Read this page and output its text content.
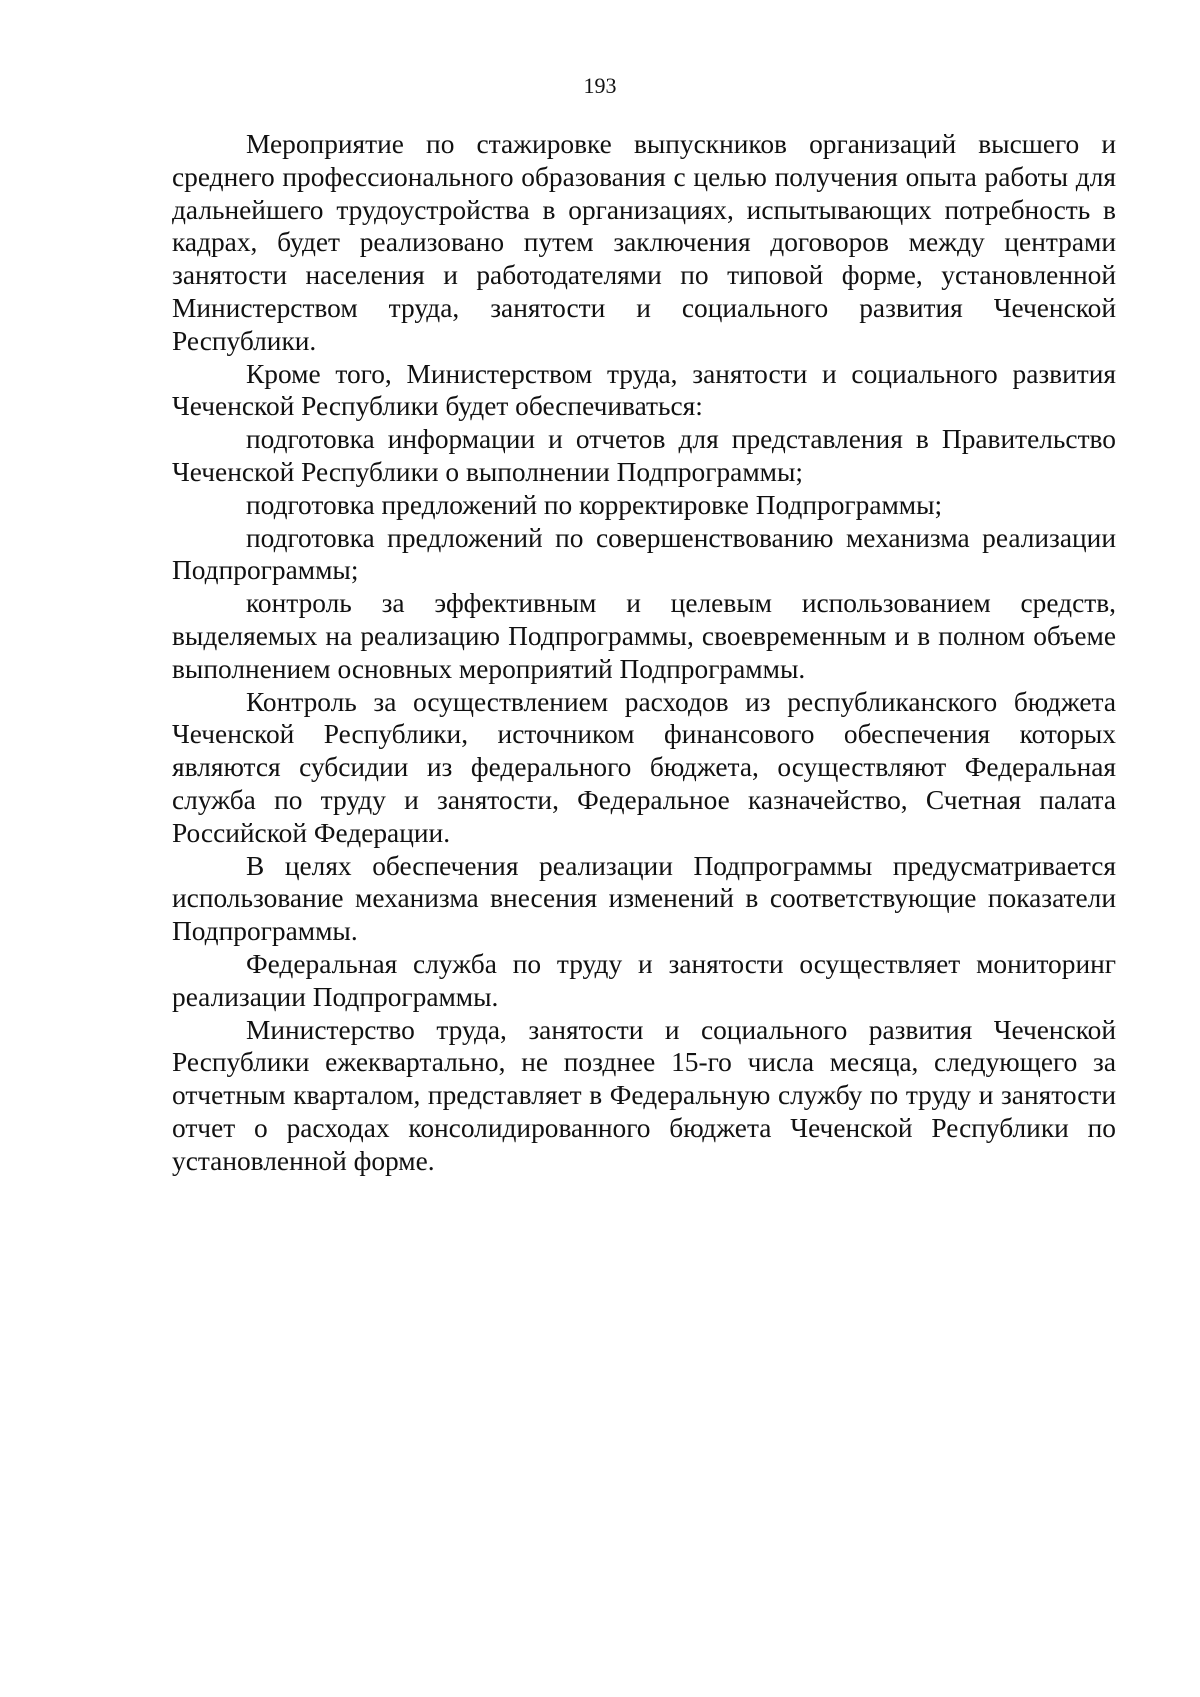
193

Мероприятие по стажировке выпускников организаций высшего и среднего профессионального образования с целью получения опыта работы для дальнейшего трудоустройства в организациях, испытывающих потребность в кадрах, будет реализовано путем заключения договоров между центрами занятости населения и работодателями по типовой форме, установленной Министерством труда, занятости и социального развития Чеченской Республики.

Кроме того, Министерством труда, занятости и социального развития Чеченской Республики будет обеспечиваться:

подготовка информации и отчетов для представления в Правительство Чеченской Республики о выполнении Подпрограммы;

подготовка предложений по корректировке Подпрограммы;

подготовка предложений по совершенствованию механизма реализации Подпрограммы;

контроль за эффективным и целевым использованием средств, выделяемых на реализацию Подпрограммы, своевременным и в полном объеме выполнением основных мероприятий Подпрограммы.

Контроль за осуществлением расходов из республиканского бюджета Чеченской Республики, источником финансового обеспечения которых являются субсидии из федерального бюджета, осуществляют Федеральная служба по труду и занятости, Федеральное казначейство, Счетная палата Российской Федерации.

В целях обеспечения реализации Подпрограммы предусматривается использование механизма внесения изменений в соответствующие показатели Подпрограммы.

Федеральная служба по труду и занятости осуществляет мониторинг реализации Подпрограммы.

Министерство труда, занятости и социального развития Чеченской Республики ежеквартально, не позднее 15-го числа месяца, следующего за отчетным кварталом, представляет в Федеральную службу по труду и занятости отчет о расходах консолидированного бюджета Чеченской Республики по установленной форме.
